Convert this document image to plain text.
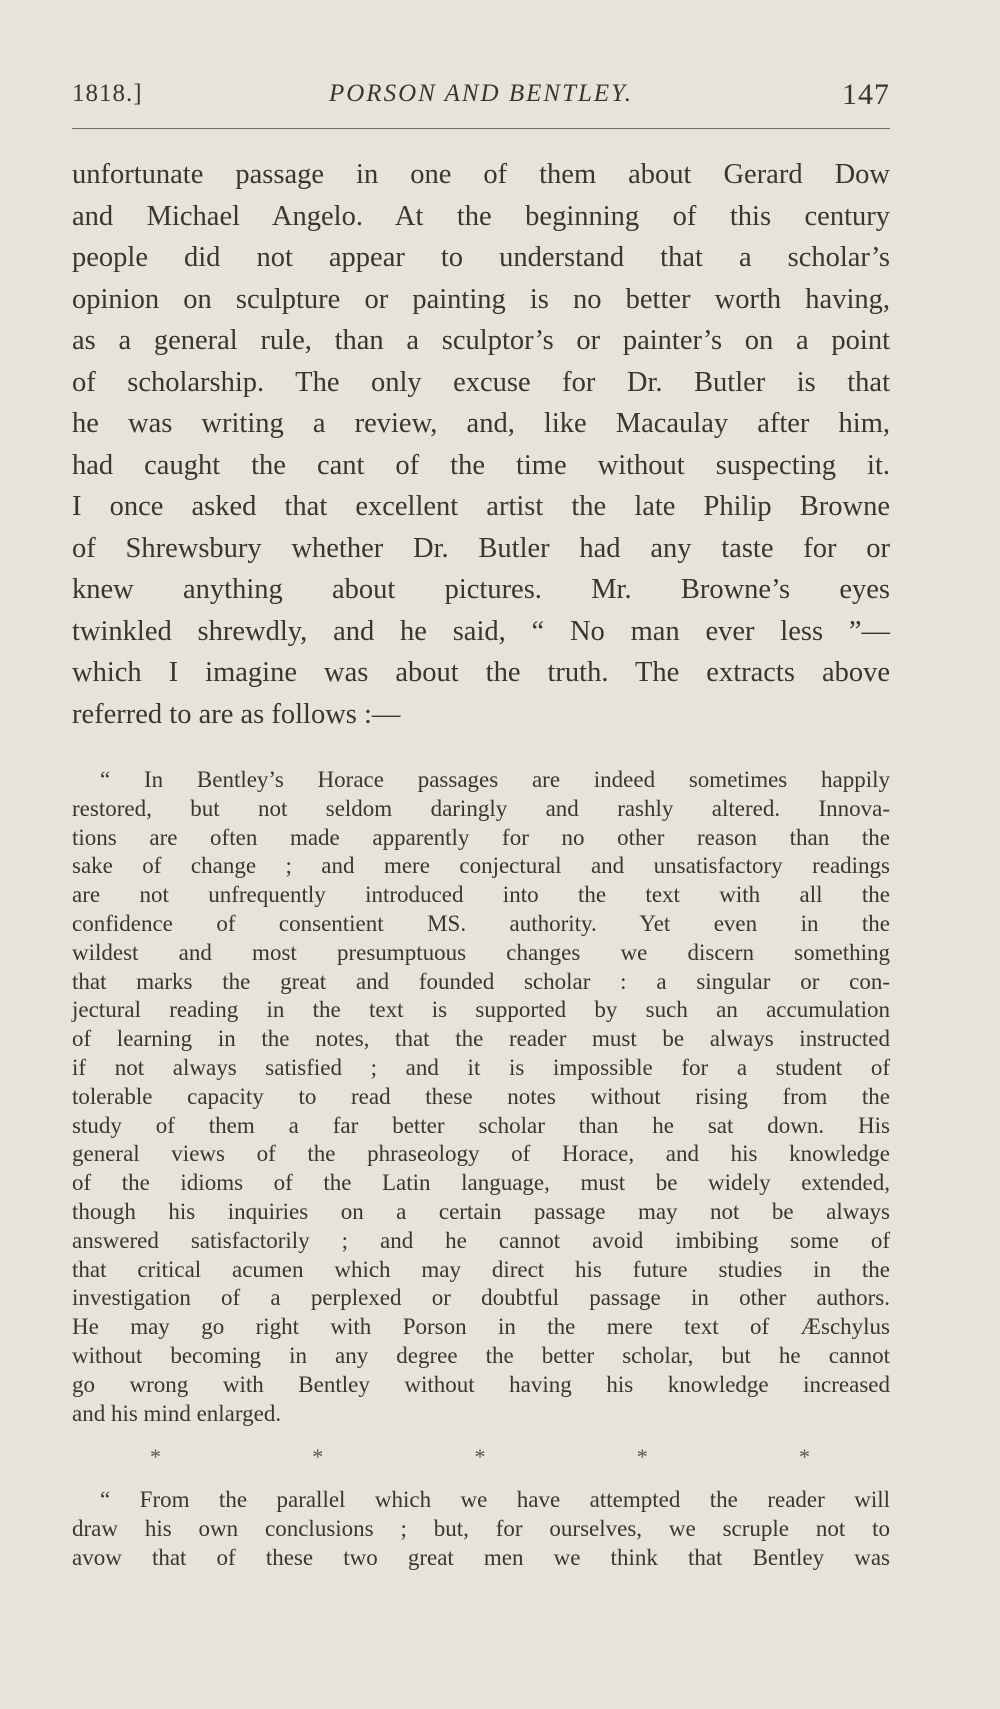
1818.]	PORSON AND BENTLEY.	147
unfortunate passage in one of them about Gerard Dow
and Michael Angelo. At the beginning of this century
people did not appear to understand that a scholar’s
opinion on sculpture or painting is no better worth having,
as a general rule, than a sculptor’s or painter’s on a point
of scholarship. The only excuse for Dr. Butler is that
he was writing a review, and, like Macaulay after him,
had caught the cant of the time without suspecting it.
I once asked that excellent artist the late Philip Browne
of Shrewsbury whether Dr. Butler had any taste for or
knew anything about pictures. Mr. Browne’s eyes
twinkled shrewdly, and he said, “ No man ever less ”—
which I imagine was about the truth. The extracts above
referred to are as follows :—
“ In Bentley’s Horace passages are indeed sometimes happily
restored, but not seldom daringly and rashly altered. Innova-
tions are often made apparently for no other reason than the
sake of change ; and mere conjectural and unsatisfactory readings
are not unfrequently introduced into the text with all the
confidence of consentient MS. authority. Yet even in the
wildest and most presumptuous changes we discern something
that marks the great and founded scholar : a singular or con-
jectural reading in the text is supported by such an accumulation
of learning in the notes, that the reader must be always instructed
if not always satisfied ; and it is impossible for a student of
tolerable capacity to read these notes without rising from the
study of them a far better scholar than he sat down. His
general views of the phraseology of Horace, and his knowledge
of the idioms of the Latin language, must be widely extended,
though his inquiries on a certain passage may not be always
answered satisfactorily ; and he cannot avoid imbibing some of
that critical acumen which may direct his future studies in the
investigation of a perplexed or doubtful passage in other authors.
He may go right with Porson in the mere text of Æschylus
without becoming in any degree the better scholar, but he cannot
go wrong with Bentley without having his knowledge increased
and his mind enlarged.
*	*	*	*	*
“ From the parallel which we have attempted the reader will
draw his own conclusions ; but, for ourselves, we scruple not to
avow that of these two great men we think that Bentley was
